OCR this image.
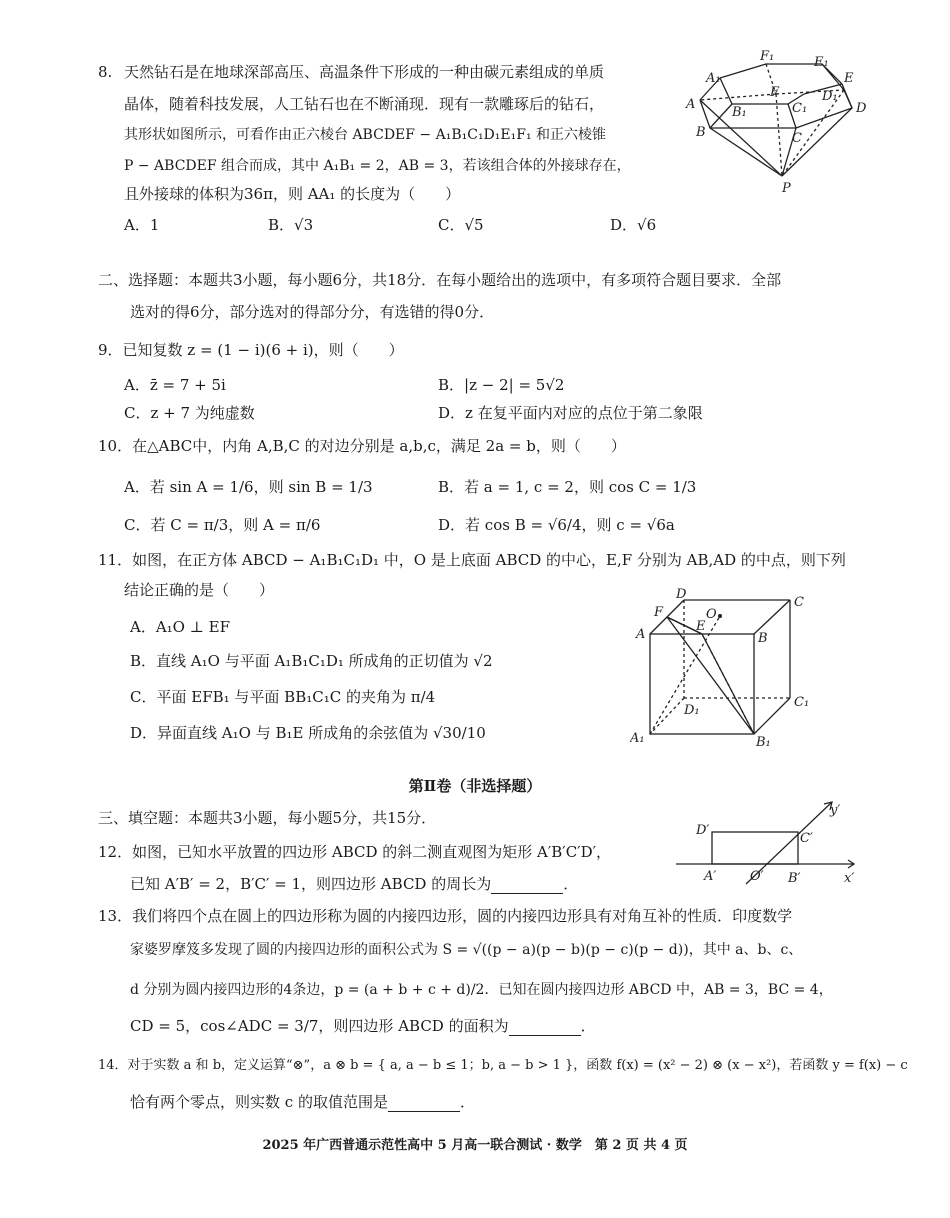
8. 天然钻石是在地球深部高压、高温条件下形成的一种由碳元素组成的单质
晶体，随着科技发展，人工钻石也在不断涌现．现有一款雕琢后的钻石，
其形状如图所示，可看作由正六棱台 ABCDEF − A₁B₁C₁D₁E₁F₁ 和正六棱锥
P − ABCDEF 组合而成，其中 A₁B₁ = 2，AB = 3，若该组合体的外接球存在，
且外接球的体积为36π，则 AA₁ 的长度为（　　）
A．1	B．√3	C．√5	D．√6
F₁	E₁
A₁	E
A
B₁
F
C₁
D₁
D
B	C
P
二、选择题：本题共3小题，每小题6分，共18分．在每小题给出的选项中，有多项符合题目要求．全部
选对的得6分，部分选对的得部分分，有选错的得0分．
9．已知复数 z = (1 − i)(6 + i)，则（　　）
A．z̄ = 7 + 5i	B．|z − 2| = 5√2
C．z + 7 为纯虚数	D．z 在复平面内对应的点位于第二象限
10．在△ABC中，内角 A,B,C 的对边分别是 a,b,c，满足 2a = b，则（　　）
A．若 sin A = 1/6，则 sin B = 1/3	B．若 a = 1, c = 2，则 cos C = 1/3
C．若 C = π/3，则 A = π/6	D．若 cos B = √6/4，则 c = √6a
11．如图，在正方体 ABCD − A₁B₁C₁D₁ 中，O 是上底面 ABCD 的中心，E,F 分别为 AB,AD 的中点，则下列
结论正确的是（　　）
A．A₁O ⊥ EF
B．直线 A₁O 与平面 A₁B₁C₁D₁ 所成角的正切值为 √2
C．平面 EFB₁ 与平面 BB₁C₁C 的夹角为 π/4
D．异面直线 A₁O 与 B₁E 所成角的余弦值为 √30/10
D
C
F	O
E
A	B
D₁
C₁
A₁	B₁
第Ⅱ卷（非选择题）
三、填空题：本题共3小题，每小题5分，共15分．
12．如图，已知水平放置的四边形 ABCD 的斜二测直观图为矩形 A′B′C′D′，
已知 A′B′ = 2，B′C′ = 1，则四边形 ABCD 的周长为	．
y′
D′
C′
A′	O′ B′	x′
13．我们将四个点在圆上的四边形称为圆的内接四边形，圆的内接四边形具有对角互补的性质．印度数学
家婆罗摩笈多发现了圆的内接四边形的面积公式为 S = √((p − a)(p − b)(p − c)(p − d))，其中 a、b、c、
d 分别为圆内接四边形的4条边，p = (a + b + c + d)/2．已知在圆内接四边形 ABCD 中，AB = 3，BC = 4，
CD = 5，cos∠ADC = 3/7，则四边形 ABCD 的面积为	．
14．对于实数 a 和 b，定义运算“⊗”，a ⊗ b = { a, a − b ≤ 1；b, a − b > 1 }，函数 f(x) = (x² − 2) ⊗ (x − x²)，若函数 y = f(x) − c
恰有两个零点，则实数 c 的取值范围是	．
2025 年广西普通示范性高中 5 月高一联合测试 · 数学　第 2 页 共 4 页
